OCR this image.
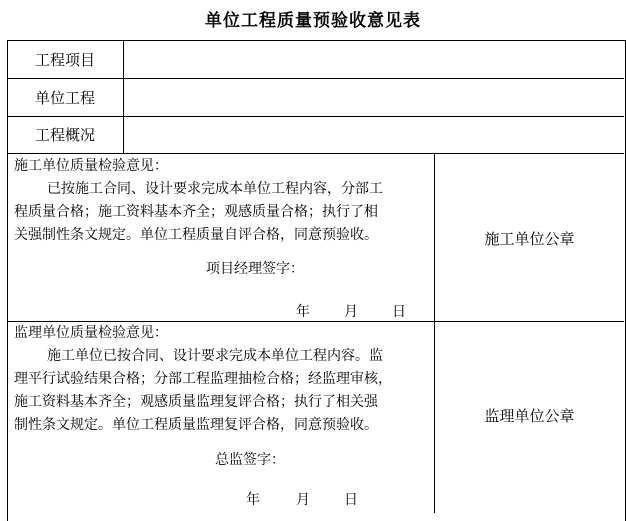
单位工程质量预验收意见表
工程项目
单位工程
工程概况

施工单位质量检验意见：

已按施工合同、设计要求完成本单位工程内容，分部工

程质量合格；施工资料基本齐全；观感质量合格；执行了相

关强制性条文规定。单位工程质量自评合格，同意预验收。

项目经理签字：
年 月 日
施工单位公章

监理单位质量检验意见：

施工单位已按合同、设计要求完成本单位工程内容。监

理平行试验结果合格；分部工程监理抽检合格；经监理审核，

施工资料基本齐全；观感质量监理复评合格；执行了相关强

制性条文规定。单位工程质量监理复评合格，同意预验收。

总监签字：
年	月 日
监理单位公章
